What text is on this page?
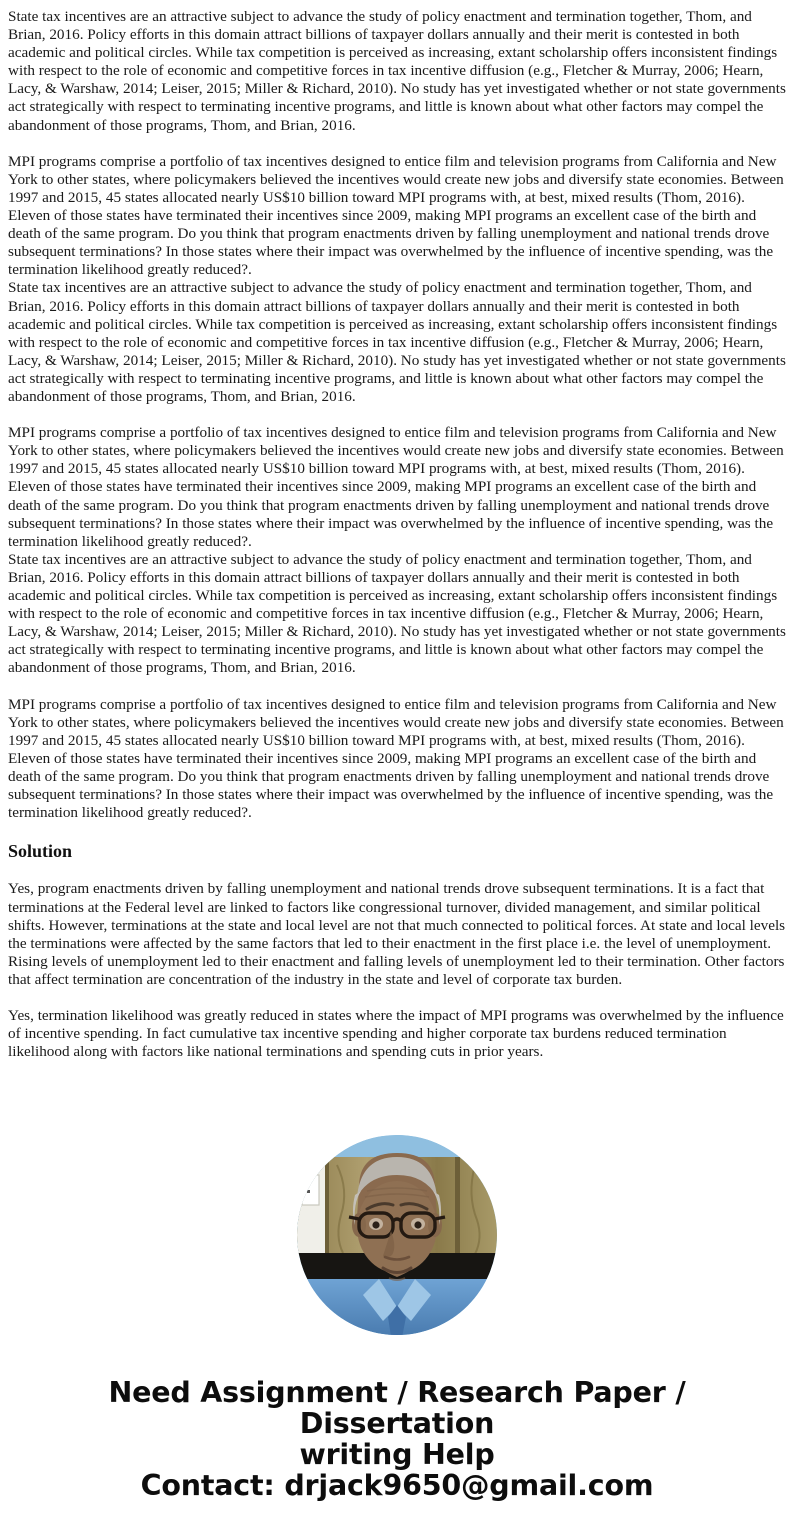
State tax incentives are an attractive subject to advance the study of policy enactment and termination together, Thom, and Brian, 2016. Policy efforts in this domain attract billions of taxpayer dollars annually and their merit is contested in both academic and political circles. While tax competition is perceived as increasing, extant scholarship offers inconsistent findings with respect to the role of economic and competitive forces in tax incentive diffusion (e.g., Fletcher & Murray, 2006; Hearn, Lacy, & Warshaw, 2014; Leiser, 2015; Miller & Richard, 2010). No study has yet investigated whether or not state governments act strategically with respect to terminating incentive programs, and little is known about what other factors may compel the abandonment of those programs, Thom, and Brian, 2016.

MPI programs comprise a portfolio of tax incentives designed to entice film and television programs from California and New York to other states, where policymakers believed the incentives would create new jobs and diversify state economies. Between 1997 and 2015, 45 states allocated nearly US$10 billion toward MPI programs with, at best, mixed results (Thom, 2016). Eleven of those states have terminated their incentives since 2009, making MPI programs an excellent case of the birth and death of the same program. Do you think that program enactments driven by falling unemployment and national trends drove subsequent terminations? In those states where their impact was overwhelmed by the influence of incentive spending, was the termination likelihood greatly reduced?.

State tax incentives are an attractive subject to advance the study of policy enactment and termination together, Thom, and Brian, 2016. Policy efforts in this domain attract billions of taxpayer dollars annually and their merit is contested in both academic and political circles. While tax competition is perceived as increasing, extant scholarship offers inconsistent findings with respect to the role of economic and competitive forces in tax incentive diffusion (e.g., Fletcher & Murray, 2006; Hearn, Lacy, & Warshaw, 2014; Leiser, 2015; Miller & Richard, 2010). No study has yet investigated whether or not state governments act strategically with respect to terminating incentive programs, and little is known about what other factors may compel the abandonment of those programs, Thom, and Brian, 2016.

MPI programs comprise a portfolio of tax incentives designed to entice film and television programs from California and New York to other states, where policymakers believed the incentives would create new jobs and diversify state economies. Between 1997 and 2015, 45 states allocated nearly US$10 billion toward MPI programs with, at best, mixed results (Thom, 2016). Eleven of those states have terminated their incentives since 2009, making MPI programs an excellent case of the birth and death of the same program. Do you think that program enactments driven by falling unemployment and national trends drove subsequent terminations? In those states where their impact was overwhelmed by the influence of incentive spending, was the termination likelihood greatly reduced?.

State tax incentives are an attractive subject to advance the study of policy enactment and termination together, Thom, and Brian, 2016. Policy efforts in this domain attract billions of taxpayer dollars annually and their merit is contested in both academic and political circles. While tax competition is perceived as increasing, extant scholarship offers inconsistent findings with respect to the role of economic and competitive forces in tax incentive diffusion (e.g., Fletcher & Murray, 2006; Hearn, Lacy, & Warshaw, 2014; Leiser, 2015; Miller & Richard, 2010). No study has yet investigated whether or not state governments act strategically with respect to terminating incentive programs, and little is known about what other factors may compel the abandonment of those programs, Thom, and Brian, 2016.

MPI programs comprise a portfolio of tax incentives designed to entice film and television programs from California and New York to other states, where policymakers believed the incentives would create new jobs and diversify state economies. Between 1997 and 2015, 45 states allocated nearly US$10 billion toward MPI programs with, at best, mixed results (Thom, 2016). Eleven of those states have terminated their incentives since 2009, making MPI programs an excellent case of the birth and death of the same program. Do you think that program enactments driven by falling unemployment and national trends drove subsequent terminations? In those states where their impact was overwhelmed by the influence of incentive spending, was the termination likelihood greatly reduced?.

Solution

Yes, program enactments driven by falling unemployment and national trends drove subsequent terminations. It is a fact that terminations at the Federal level are linked to factors like congressional turnover, divided management, and similar political shifts. However, terminations at the state and local level are not that much connected to political forces. At state and local levels the terminations were affected by the same factors that led to their enactment in the first place i.e. the level of unemployment. Rising levels of unemployment led to their enactment and falling levels of unemployment led to their termination. Other factors that affect termination are concentration of the industry in the state and level of corporate tax burden.

Yes, termination likelihood was greatly reduced in states where the impact of MPI programs was overwhelmed by the influence of incentive spending. In fact cumulative tax incentive spending and higher corporate tax burdens reduced termination likelihood along with factors like national terminations and spending cuts in prior years.

Need Assignment / Research Paper / Dissertation
writing Help
Contact: drjack9650@gmail.com
